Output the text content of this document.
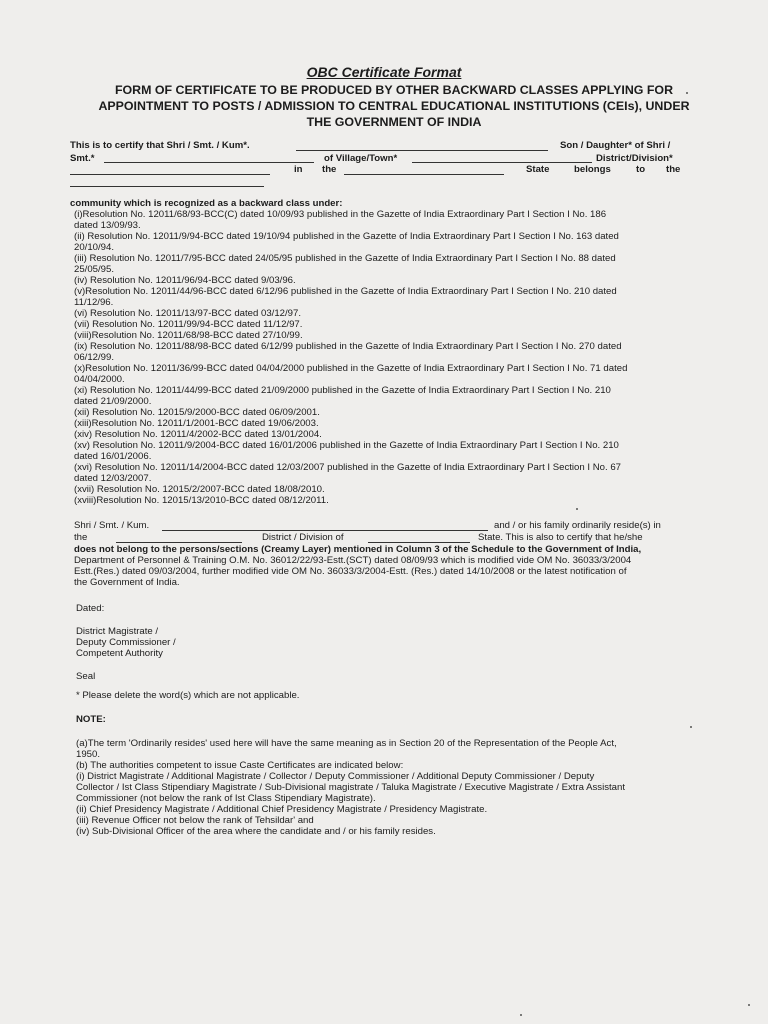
OBC Certificate Format
FORM OF CERTIFICATE TO BE PRODUCED BY OTHER BACKWARD CLASSES APPLYING FOR
APPOINTMENT TO POSTS / ADMISSION TO CENTRAL EDUCATIONAL INSTITUTIONS (CEIs), UNDER
THE GOVERNMENT OF INDIA
This is to certify that Shri / Smt. / Kum*.	Son / Daughter* of Shri /
Smt.*	of Village/Town*	District/Division*
in the	State	belongs	to the
community which is recognized as a backward class under:
(i)Resolution No. 12011/68/93-BCC(C) dated 10/09/93 published in the Gazette of India Extraordinary Part I Section I No. 186
dated 13/09/93.
(ii) Resolution No. 12011/9/94-BCC dated 19/10/94 published in the Gazette of India Extraordinary Part I Section I No. 163 dated
20/10/94.
(iii) Resolution No. 12011/7/95-BCC dated 24/05/95 published in the Gazette of India Extraordinary Part I Section I No. 88 dated
25/05/95.
(iv) Resolution No. 12011/96/94-BCC dated 9/03/96.
(v)Resolution No. 12011/44/96-BCC dated 6/12/96 published in the Gazette of India Extraordinary Part I Section I No. 210 dated
11/12/96.
(vi) Resolution No. 12011/13/97-BCC dated 03/12/97.
(vii) Resolution No. 12011/99/94-BCC dated 11/12/97.
(viii)Resolution No. 12011/68/98-BCC dated 27/10/99.
(ix) Resolution No. 12011/88/98-BCC dated 6/12/99 published in the Gazette of India Extraordinary Part I Section I No. 270 dated
06/12/99.
(x)Resolution No. 12011/36/99-BCC dated 04/04/2000 published in the Gazette of India Extraordinary Part I Section I No. 71 dated
04/04/2000.
(xi) Resolution No. 12011/44/99-BCC dated 21/09/2000 published in the Gazette of India Extraordinary Part I Section I No. 210
dated 21/09/2000.
(xii) Resolution No. 12015/9/2000-BCC dated 06/09/2001.
(xiii)Resolution No. 12011/1/2001-BCC dated 19/06/2003.
(xiv) Resolution No. 12011/4/2002-BCC dated 13/01/2004.
(xv) Resolution No. 12011/9/2004-BCC dated 16/01/2006 published in the Gazette of India Extraordinary Part I Section I No. 210
dated 16/01/2006.
(xvi) Resolution No. 12011/14/2004-BCC dated 12/03/2007 published in the Gazette of India Extraordinary Part I Section I No. 67
dated 12/03/2007.
(xvii) Resolution No. 12015/2/2007-BCC dated 18/08/2010.
(xviii)Resolution No. 12015/13/2010-BCC dated 08/12/2011.
Shri / Smt. / Kum.	and / or his family ordinarily reside(s) in
the	District / Division of	State. This is also to certify that he/she
does not belong to the persons/sections (Creamy Layer) mentioned in Column 3 of the Schedule to the Government of India,
Department of Personnel & Training O.M. No. 36012/22/93-Estt.(SCT) dated 08/09/93 which is modified vide OM No. 36033/3/2004
Estt.(Res.) dated 09/03/2004, further modified vide OM No. 36033/3/2004-Estt. (Res.) dated 14/10/2008 or the latest notification of
the Government of India.
Dated:
District Magistrate /
Deputy Commissioner /
Competent Authority
Seal
* Please delete the word(s) which are not applicable.
NOTE:
(a)The term 'Ordinarily resides' used here will have the same meaning as in Section 20 of the Representation of the People Act,
1950.
(b) The authorities competent to issue Caste Certificates are indicated below:
(i) District Magistrate / Additional Magistrate / Collector / Deputy Commissioner / Additional Deputy Commissioner / Deputy
Collector / Ist Class Stipendiary Magistrate / Sub-Divisional magistrate / Taluka Magistrate / Executive Magistrate / Extra Assistant
Commissioner (not below the rank of Ist Class Stipendiary Magistrate).
(ii) Chief Presidency Magistrate / Additional Chief Presidency Magistrate / Presidency Magistrate.
(iii) Revenue Officer not below the rank of Tehsildar' and
(iv) Sub-Divisional Officer of the area where the candidate and / or his family resides.
